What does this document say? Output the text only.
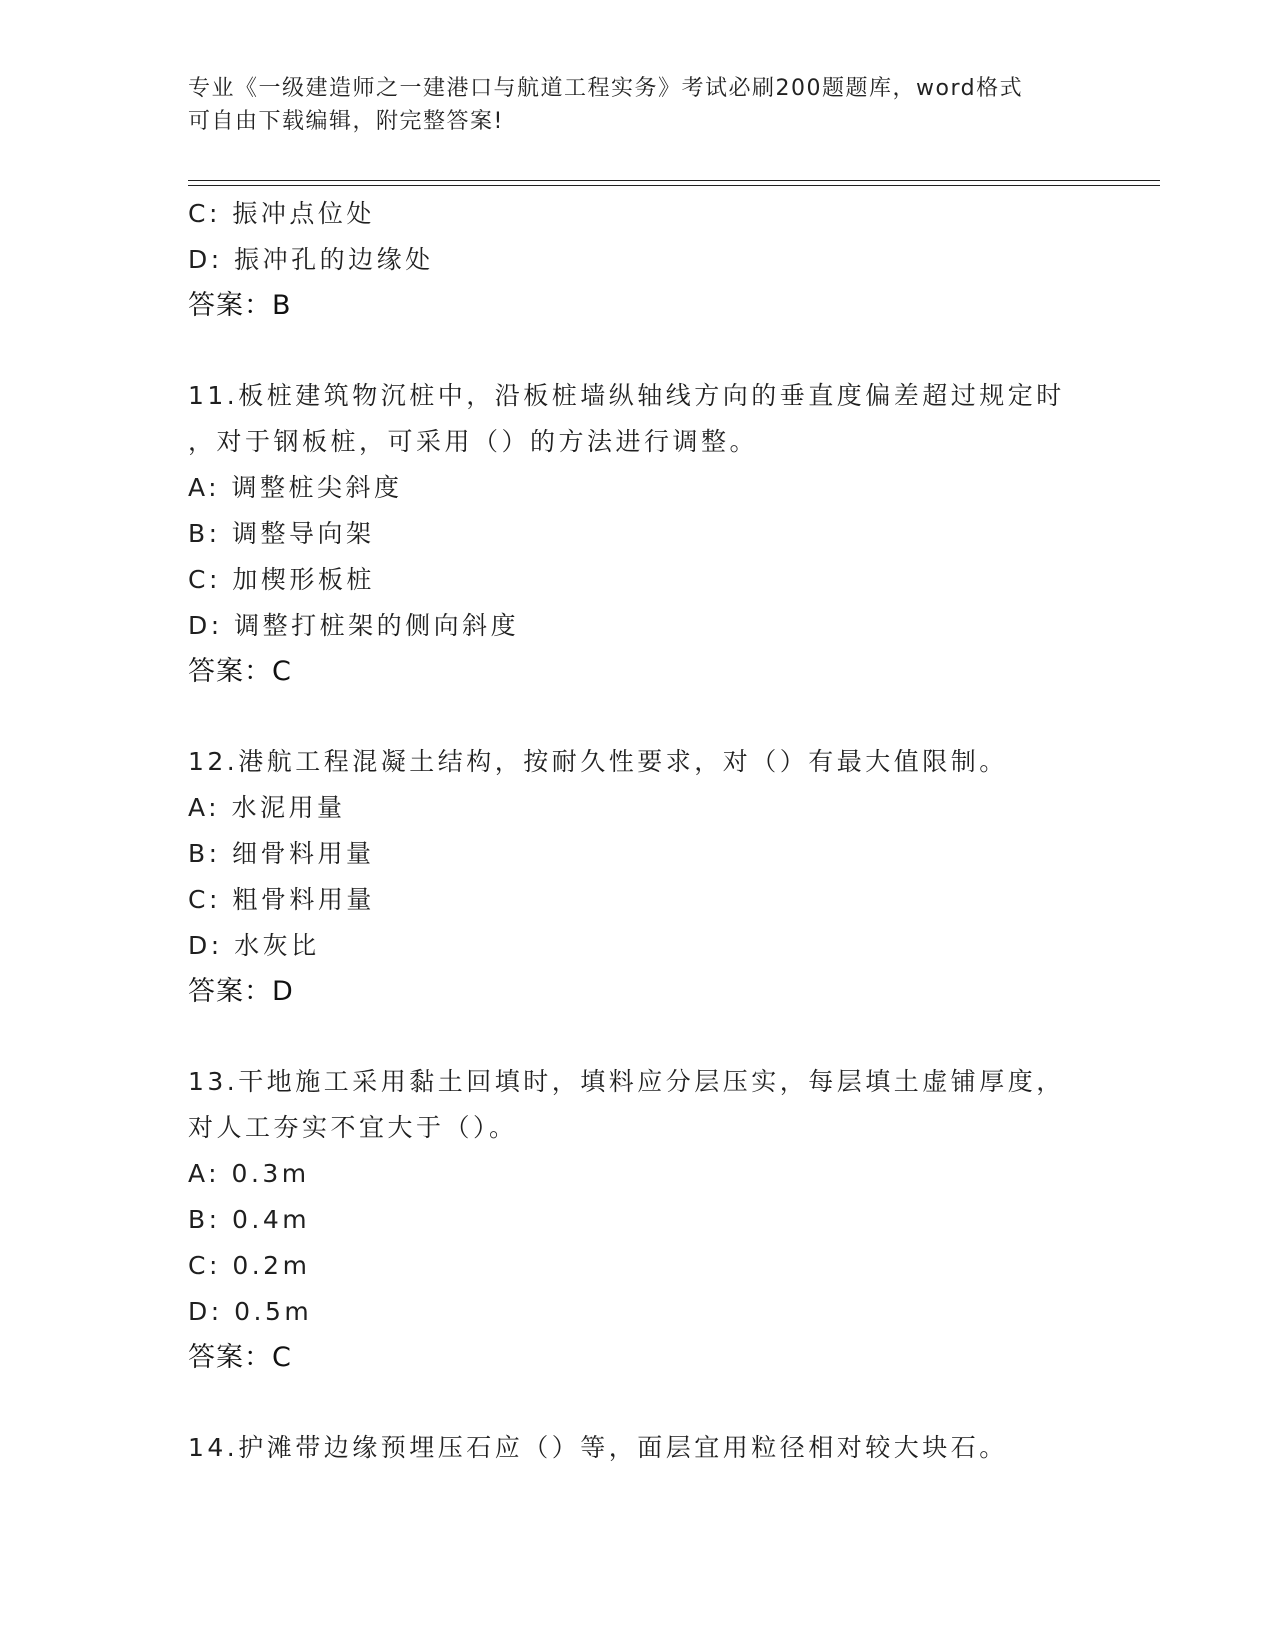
专业《一级建造师之一建港口与航道工程实务》考试必刷200题题库，word格式
可自由下载编辑，附完整答案!
C: 振冲点位处
D: 振冲孔的边缘处
答案：B
11.板桩建筑物沉桩中，沿板桩墙纵轴线方向的垂直度偏差超过规定时
，对于钢板桩，可采用（）的方法进行调整。
A: 调整桩尖斜度
B: 调整导向架
C: 加楔形板桩
D: 调整打桩架的侧向斜度
答案：C
12.港航工程混凝土结构，按耐久性要求，对（）有最大值限制。
A: 水泥用量
B: 细骨料用量
C: 粗骨料用量
D: 水灰比
答案：D
13.干地施工采用黏土回填时，填料应分层压实，每层填土虚铺厚度，
对人工夯实不宜大于（）。
A: 0.3m
B: 0.4m
C: 0.2m
D: 0.5m
答案：C
14.护滩带边缘预埋压石应（）等，面层宜用粒径相对较大块石。
